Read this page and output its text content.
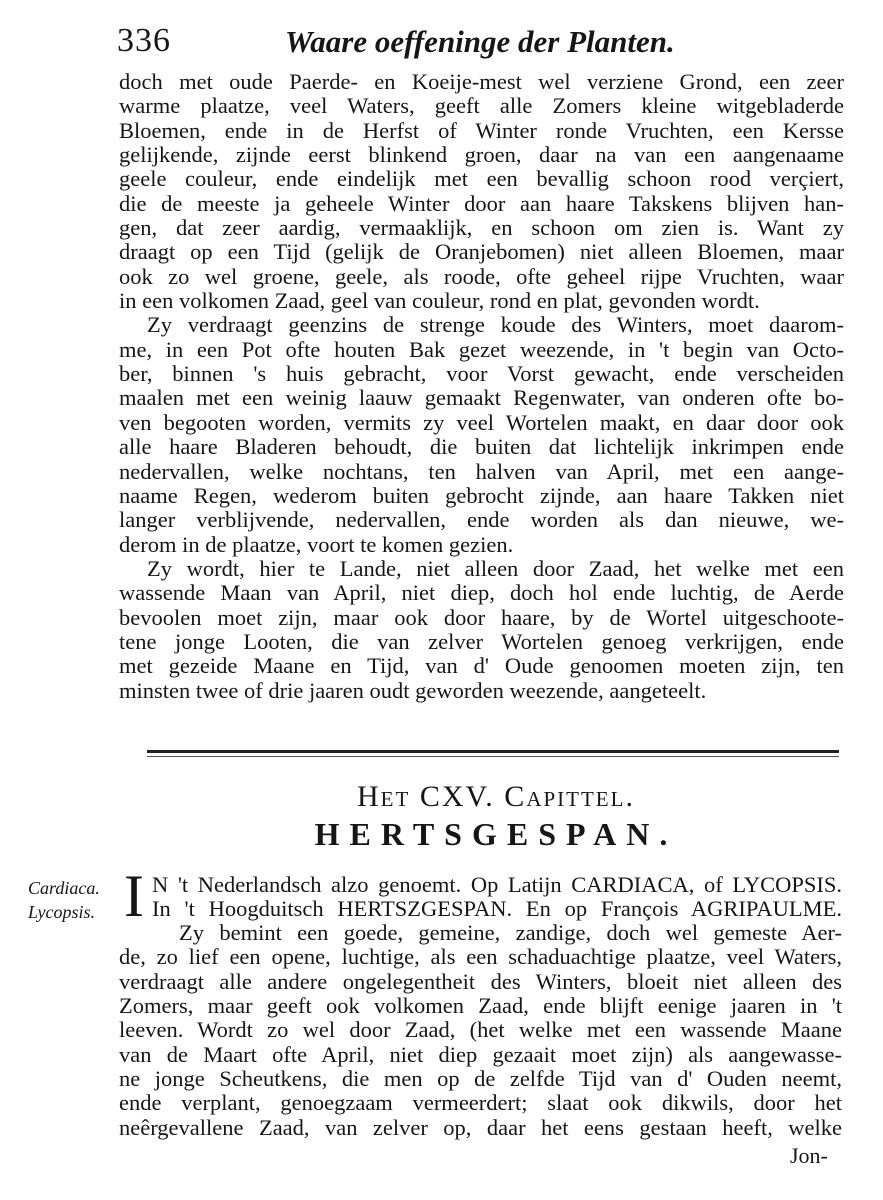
336	Waare oeffeninge der Planten.
doch met oude Paerde- en Koeije-mest wel verziene Grond, een zeer
warme plaatze, veel Waters, geeft alle Zomers kleine witgebladerde
Bloemen, ende in de Herfst of Winter ronde Vruchten, een Kersse
gelijkende, zijnde eerst blinkend groen, daar na van een aangenaame
geele couleur, ende eindelijk met een bevallig schoon rood verçiert,
die de meeste ja geheele Winter door aan haare Takskens blijven han-
gen, dat zeer aardig, vermaaklijk, en schoon om zien is. Want zy
draagt op een Tijd (gelijk de Oranjebomen) niet alleen Bloemen, maar
ook zo wel groene, geele, als roode, ofte geheel rijpe Vruchten, waar
in een volkomen Zaad, geel van couleur, rond en plat, gevonden wordt.
Zy verdraagt geenzins de strenge koude des Winters, moet daarom-
me, in een Pot ofte houten Bak gezet weezende, in 't begin van Octo-
ber, binnen 's huis gebracht, voor Vorst gewacht, ende verscheiden
maalen met een weinig laauw gemaakt Regenwater, van onderen ofte bo-
ven begooten worden, vermits zy veel Wortelen maakt, en daar door ook
alle haare Bladeren behoudt, die buiten dat lichtelijk inkrimpen ende
nedervallen, welke nochtans, ten halven van April, met een aange-
naame Regen, wederom buiten gebrocht zijnde, aan haare Takken niet
langer verblijvende, nedervallen, ende worden als dan nieuwe, we-
derom in de plaatze, voort te komen gezien.
Zy wordt, hier te Lande, niet alleen door Zaad, het welke met een
wassende Maan van April, niet diep, doch hol ende luchtig, de Aerde
bevoolen moet zijn, maar ook door haare, by de Wortel uitgeschoote-
tene jonge Looten, die van zelver Wortelen genoeg verkrijgen, ende
met gezeide Maane en Tijd, van d' Oude genoomen moeten zijn, ten
minsten twee of drie jaaren oudt geworden weezende, aangeteelt.
Het CXV. Capittel.
HERTSGESPAN.
Cardiaca.
Lycopsis. I N 't Nederlandsch alzo genoemt. Op Latijn CARDIACA, of LYCOPSIS.
In 't Hoogduitsch HERTSZGESPAN. En op François AGRIPAULME.
Zy bemint een goede, gemeine, zandige, doch wel gemeste Aer-
de, zo lief een opene, luchtige, als een schaduachtige plaatze, veel Waters,
verdraagt alle andere ongelegentheit des Winters, bloeit niet alleen des
Zomers, maar geeft ook volkomen Zaad, ende blijft eenige jaaren in 't
leeven. Wordt zo wel door Zaad, (het welke met een wassende Maane
van de Maart ofte April, niet diep gezaait moet zijn) als aangewasse-
ne jonge Scheutkens, die men op de zelfde Tijd van d' Ouden neemt,
ende verplant, genoegzaam vermeerdert; slaat ook dikwils, door het
neêrgevallene Zaad, van zelver op, daar het eens gestaan heeft, welke
Jon-
